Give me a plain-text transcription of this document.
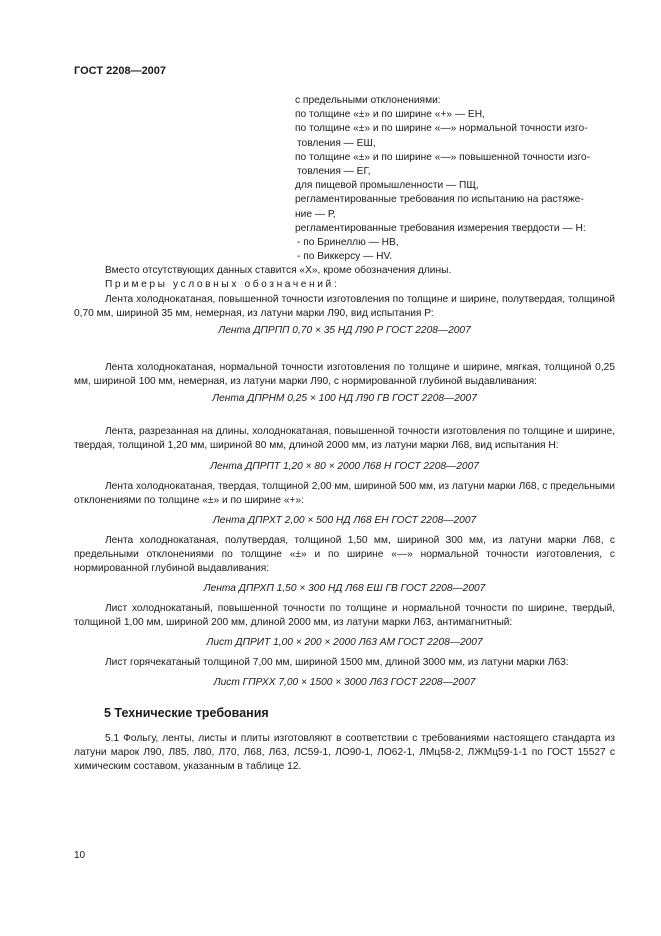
ГОСТ 2208—2007
с предельными отклонениями:
по толщине «±» и по ширине «+» — ЕН,
по толщине «±» и по ширине «—» нормальной точности изго-
товления — ЕШ,
по толщине «±» и по ширине «—» повышенной точности изго-
товления — ЕГ,
для пищевой промышленности — ПЩ,
регламентированные требования по испытанию на растяже-
ние — Р,
регламентированные требования измерения твердости — Н:
- по Бринеллю — НВ,
- по Виккерсу — НV.

Вместо отсутствующих данных ставится «X», кроме обозначения длины.

Примеры условных обозначений:

Лента холоднокатаная, повышенной точности изготовления по толщине и ширине, полутвердая, толщиной 0,70 мм, шириной 35 мм, немерная, из латуни марки Л90, вид испытания Р:

Лента ДПРПП 0,70 × 35 НД Л90 Р ГОСТ 2208—2007

Лента холоднокатаная, нормальной точности изготовления по толщине и ширине, мягкая, толщиной 0,25 мм, шириной 100 мм, немерная, из латуни марки Л90, с нормированной глубиной выдавливания:

Лента ДПРНМ 0,25 × 100 НД Л90 ГВ ГОСТ 2208—2007

Лента, разрезанная на длины, холоднокатаная, повышенной точности изготовления по толщине и ширине, твердая, толщиной 1,20 мм, шириной 80 мм, длиной 2000 мм, из латуни марки Л68, вид испытания Н:

Лента ДПРПТ 1,20 × 80 × 2000 Л68 Н ГОСТ 2208—2007

Лента холоднокатаная, твердая, толщиной 2,00 мм, шириной 500 мм, из латуни марки Л68, с предельными отклонениями по толщине «±» и по ширине «+»:

Лента ДПРХТ 2,00 × 500 НД Л68 ЕН ГОСТ 2208—2007

Лента холоднокатаная, полутвердая, толщиной 1,50 мм, шириной 300 мм, из латуни марки Л68, с предельными отклонениями по толщине «±» и по ширине «—» нормальной точности изготовления, с нормированной глубиной выдавливания:

Лента ДПРХП 1,50 × 300 НД Л68 ЕШ ГВ ГОСТ 2208—2007

Лист холоднокатаный, повышенной точности по толщине и нормальной точности по ширине, твердый, толщиной 1,00 мм, шириной 200 мм, длиной 2000 мм, из латуни марки Л63, антимагнитный:

Лист ДПРИТ 1,00 × 200 × 2000 Л63 АМ ГОСТ 2208—2007

Лист горячекатаный толщиной 7,00 мм, шириной 1500 мм, длиной 3000 мм, из латуни марки Л63:

Лист ГПРХХ 7,00 × 1500 × 3000 Л63 ГОСТ 2208—2007

5 Технические требования

5.1 Фольгу, ленты, листы и плиты изготовляют в соответствии с требованиями настоящего стандарта из латуни марок Л90, Л85, Л80, Л70, Л68, Л63, ЛС59-1, ЛО90-1, ЛО62-1, ЛМц58-2, ЛЖМц59-1-1 по ГОСТ 15527 с химическим составом, указанным в таблице 12.

10
